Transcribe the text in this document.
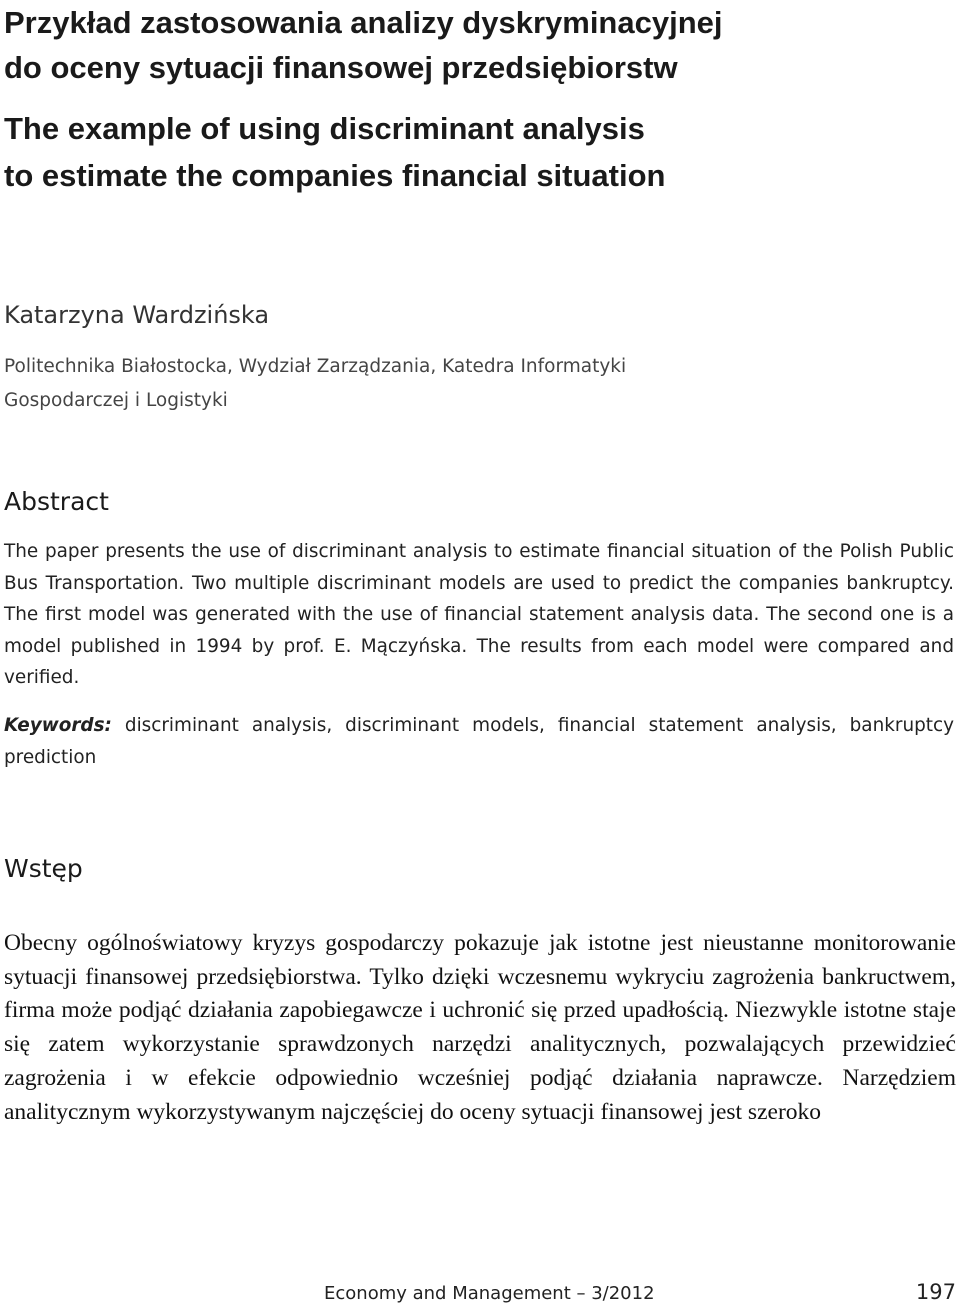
Przykład zastosowania analizy dyskryminacyjnej
do oceny sytuacji finansowej przedsiębiorstw
The example of using discriminant analysis
to estimate the companies financial situation
Katarzyna Wardzińska
Politechnika Białostocka, Wydział Zarządzania, Katedra Informatyki
Gospodarczej i Logistyki
Abstract
The paper presents the use of discriminant analysis to estimate financial situation of the Polish Public Bus Transportation. Two multiple discriminant models are used to predict the companies bankruptcy. The first model was generated with the use of financial statement analysis data. The second one is a model published in 1994 by prof. E. Mączyńska. The results from each model were compared and verified.
Keywords: discriminant analysis, discriminant models, financial statement analysis, bankruptcy prediction
Wstęp
Obecny ogólnoświatowy kryzys gospodarczy pokazuje jak istotne jest nieustanne monitorowanie sytuacji finansowej przedsiębiorstwa. Tylko dzięki wczesnemu wykryciu zagrożenia bankructwem, firma może podjąć działania zapobiegawcze i uchronić się przed upadłością. Niezwykle istotne staje się zatem wykorzystanie sprawdzonych narzędzi analitycznych, pozwalających przewidzieć zagrożenia i w efekcie odpowiednio wcześniej podjąć działania naprawcze. Narzędziem analitycznym wykorzystywanym najczęściej do oceny sytuacji finansowej jest szeroko
Economy and Management – 3/2012	197
